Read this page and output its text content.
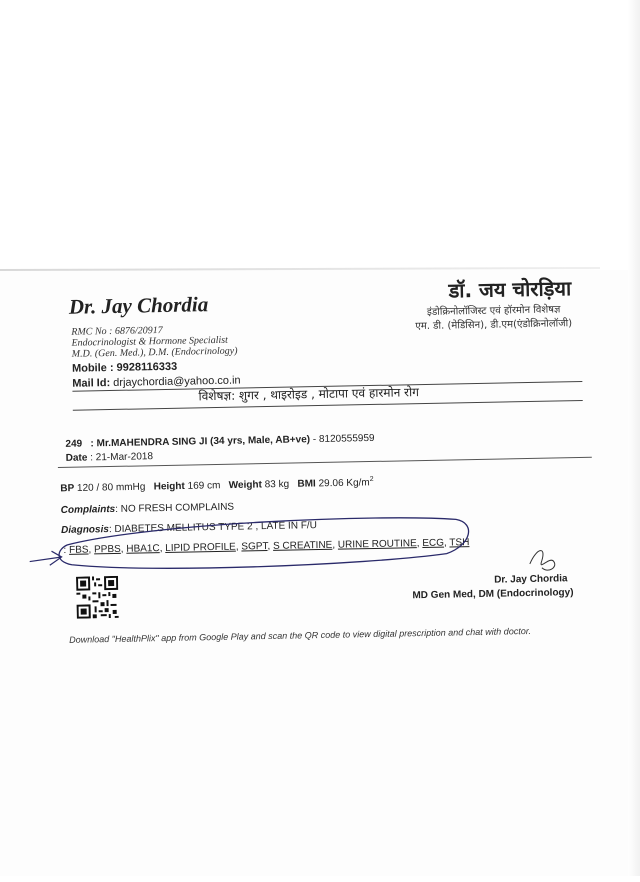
Dr. Jay Chordia
RMC No : 6876/20917
Endocrinologist & Hormone Specialist
M.D. (Gen. Med.), D.M. (Endocrinology)
Mobile : 9928116333
Mail Id: drjaychordia@yahoo.co.in
डॉ. जय चोरड़िया
इंडोक्रिनोलॉजिस्ट एवं हॉरमोन विशेषज्ञ
एम. डी. (मेडिसिन), डी.एम(एंडोक्रिनोलॉजी)
विशेषज्ञ: शुगर , थाइरोइड , मोटापा एवं हारमोन रोग
249 : Mr.MAHENDRA SING JI (34 yrs, Male, AB+ve) - 8120555959
Date : 21-Mar-2018
BP 120 / 80 mmHg Height 169 cm Weight 83 kg BMI 29.06 $Kg/m^2$
Complaints: NO FRESH COMPLAINS
Diagnosis: DIABETES MELLITUS TYPE 2 , LATE IN F/U
: FBS, PPBS, HBA1C, LIPID PROFILE, SGPT, S CREATINE, URINE ROUTINE, ECG, TSH
Dr. Jay Chordia
MD Gen Med, DM (Endocrinology)
Download "HealthPlix" app from Google Play and scan the QR code to view digital prescription and chat with doctor.
